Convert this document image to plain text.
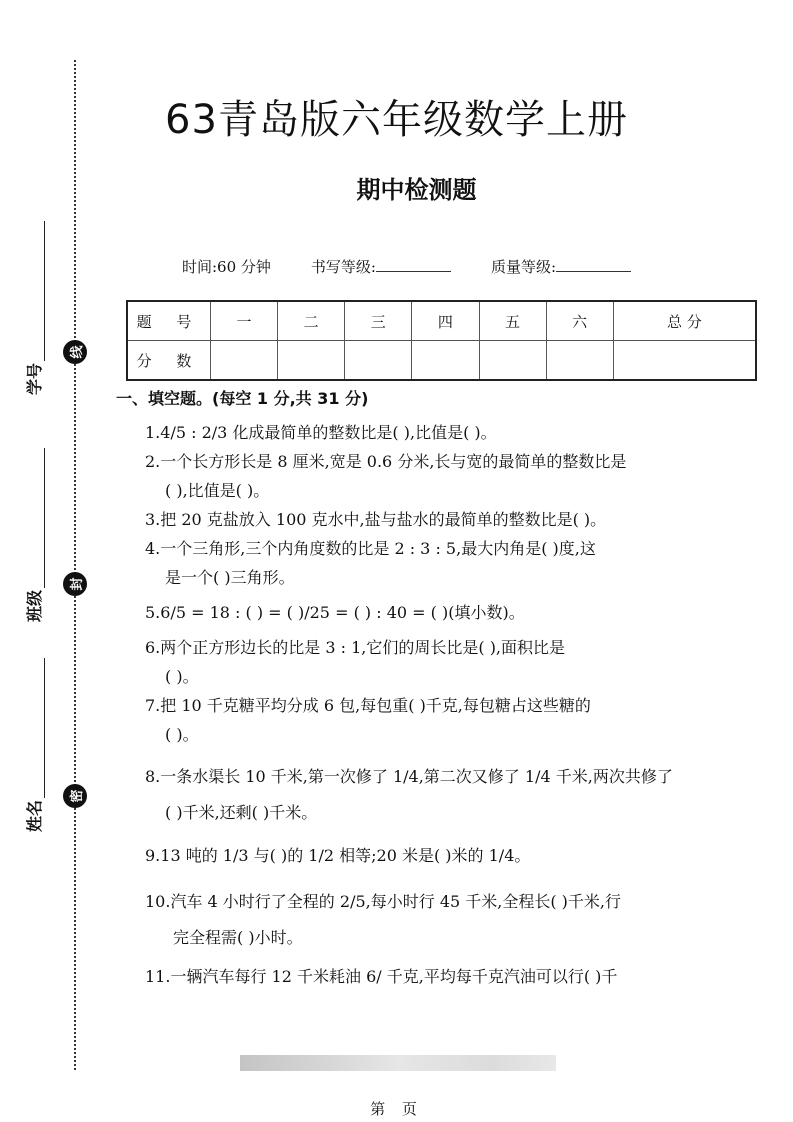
线
封
密
学号
班级
姓名
63青岛版六年级数学上册
期中检测题
时间:60 分钟	书写等级:	质量等级:
题 号	一	二	三	四	五	六	总 分
分 数							
一、填空题。(每空 1 分,共 31 分)

1.4/5 : 2/3 化成最简单的整数比是( ),比值是( )。

2.一个长方形长是 8 厘米,宽是 0.6 分米,长与宽的最简单的整数比是
( ),比值是( )。

3.把 20 克盐放入 100 克水中,盐与盐水的最简单的整数比是( )。

4.一个三角形,三个内角度数的比是 2 : 3 : 5,最大内角是( )度,这
是一个( )三角形。

5.6/5 = 18 : ( ) = ( )/25 = ( ) : 40 = ( )(填小数)。

6.两个正方形边长的比是 3 : 1,它们的周长比是( ),面积比是
( )。

7.把 10 千克糖平均分成 6 包,每包重( )千克,每包糖占这些糖的
( )。

8.一条水渠长 10 千米,第一次修了 1/4,第二次又修了 1/4 千米,两次共修了
( )千米,还剩( )千米。

9.13 吨的 1/3 与( )的 1/2 相等;20 米是( )米的 1/4。

10.汽车 4 小时行了全程的 2/5,每小时行 45 千米,全程长( )千米,行
完全程需( )小时。

11.一辆汽车每行 12 千米耗油 6/ 千克,平均每千克汽油可以行( )千

第 页
